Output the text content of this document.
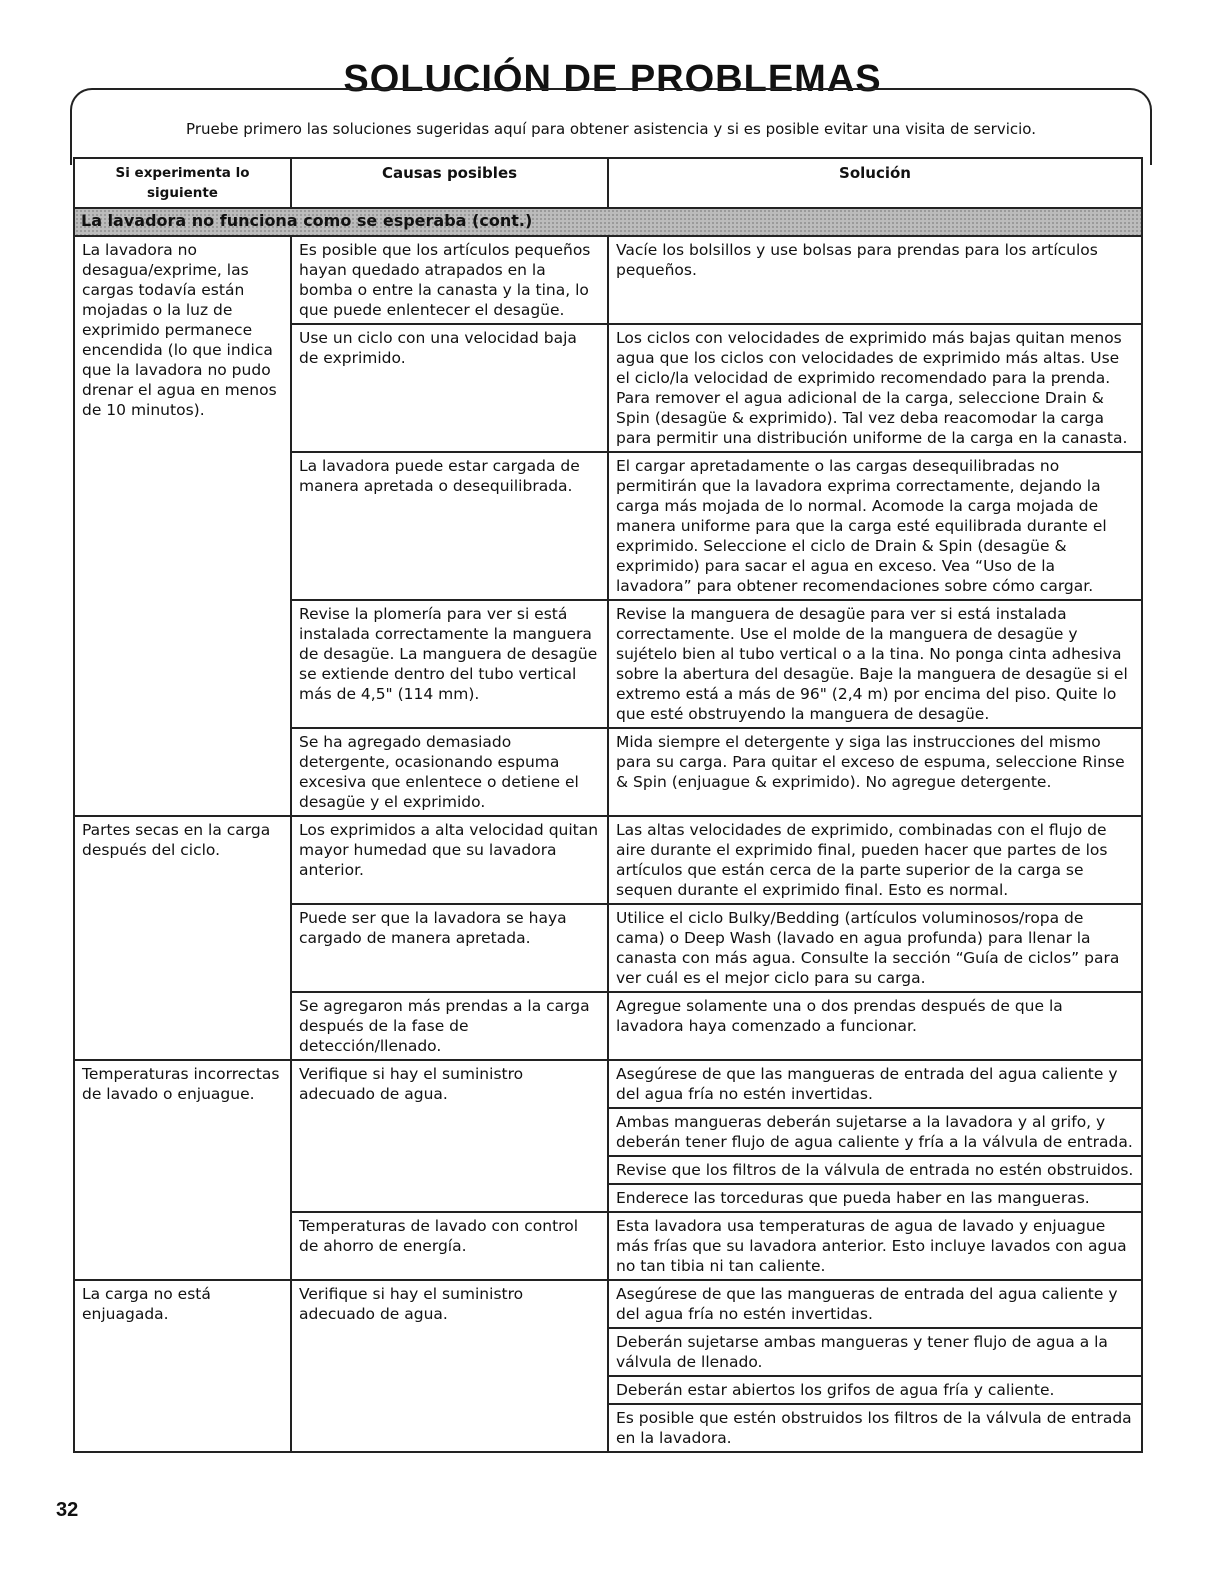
SOLUCIÓN DE PROBLEMAS

Pruebe primero las soluciones sugeridas aquí para obtener asistencia y si es posible evitar una visita de servicio.

Si experimenta lo siguiente	Causas posibles	Solución
La lavadora no funciona como se esperaba (cont.)		
La lavadora no desagua/exprime, las cargas todavía están mojadas o la luz de exprimido permanece encendida (lo que indica que la lavadora no pudo drenar el agua en menos de 10 minutos).	Es posible que los artículos pequeños hayan quedado atrapados en la bomba o entre la canasta y la tina, lo que puede enlentecer el desagüe.	Vacíe los bolsillos y use bolsas para prendas para los artículos pequeños.
	Use un ciclo con una velocidad baja de exprimido.	Los ciclos con velocidades de exprimido más bajas quitan menos agua que los ciclos con velocidades de exprimido más altas. Use el ciclo/la velocidad de exprimido recomendado para la prenda. Para remover el agua adicional de la carga, seleccione Drain & Spin (desagüe & exprimido). Tal vez deba reacomodar la carga para permitir una distribución uniforme de la carga en la canasta.
	La lavadora puede estar cargada de manera apretada o desequilibrada.	El cargar apretadamente o las cargas desequilibradas no permitirán que la lavadora exprima correctamente, dejando la carga más mojada de lo normal. Acomode la carga mojada de manera uniforme para que la carga esté equilibrada durante el exprimido. Seleccione el ciclo de Drain & Spin (desagüe & exprimido) para sacar el agua en exceso. Vea “Uso de la lavadora” para obtener recomendaciones sobre cómo cargar.
	Revise la plomería para ver si está instalada correctamente la manguera de desagüe. La manguera de desagüe se extiende dentro del tubo vertical más de 4,5" (114 mm).	Revise la manguera de desagüe para ver si está instalada correctamente. Use el molde de la manguera de desagüe y sujételo bien al tubo vertical o a la tina. No ponga cinta adhesiva sobre la abertura del desagüe. Baje la manguera de desagüe si el extremo está a más de 96" (2,4 m) por encima del piso. Quite lo que esté obstruyendo la manguera de desagüe.
	Se ha agregado demasiado detergente, ocasionando espuma excesiva que enlentece o detiene el desagüe y el exprimido.	Mida siempre el detergente y siga las instrucciones del mismo para su carga. Para quitar el exceso de espuma, seleccione Rinse & Spin (enjuague & exprimido). No agregue detergente.
Partes secas en la carga después del ciclo.	Los exprimidos a alta velocidad quitan mayor humedad que su lavadora anterior.	Las altas velocidades de exprimido, combinadas con el flujo de aire durante el exprimido final, pueden hacer que partes de los artículos que están cerca de la parte superior de la carga se sequen durante el exprimido final. Esto es normal.
	Puede ser que la lavadora se haya cargado de manera apretada.	Utilice el ciclo Bulky/Bedding (artículos voluminosos/ropa de cama) o Deep Wash (lavado en agua profunda) para llenar la canasta con más agua. Consulte la sección “Guía de ciclos” para ver cuál es el mejor ciclo para su carga.
	Se agregaron más prendas a la carga después de la fase de detección/llenado.	Agregue solamente una o dos prendas después de que la lavadora haya comenzado a funcionar.
Temperaturas incorrectas de lavado o enjuague.	Verifique si hay el suministro adecuado de agua.	Asegúrese de que las mangueras de entrada del agua caliente y del agua fría no estén invertidas.
		Ambas mangueras deberán sujetarse a la lavadora y al grifo, y deberán tener flujo de agua caliente y fría a la válvula de entrada.
		Revise que los filtros de la válvula de entrada no estén obstruidos.
		Enderece las torceduras que pueda haber en las mangueras.
	Temperaturas de lavado con control de ahorro de energía.	Esta lavadora usa temperaturas de agua de lavado y enjuague más frías que su lavadora anterior. Esto incluye lavados con agua no tan tibia ni tan caliente.
La carga no está enjuagada.	Verifique si hay el suministro adecuado de agua.	Asegúrese de que las mangueras de entrada del agua caliente y del agua fría no estén invertidas.
		Deberán sujetarse ambas mangueras y tener flujo de agua a la válvula de llenado.
		Deberán estar abiertos los grifos de agua fría y caliente.
		Es posible que estén obstruidos los filtros de la válvula de entrada en la lavadora.

32
